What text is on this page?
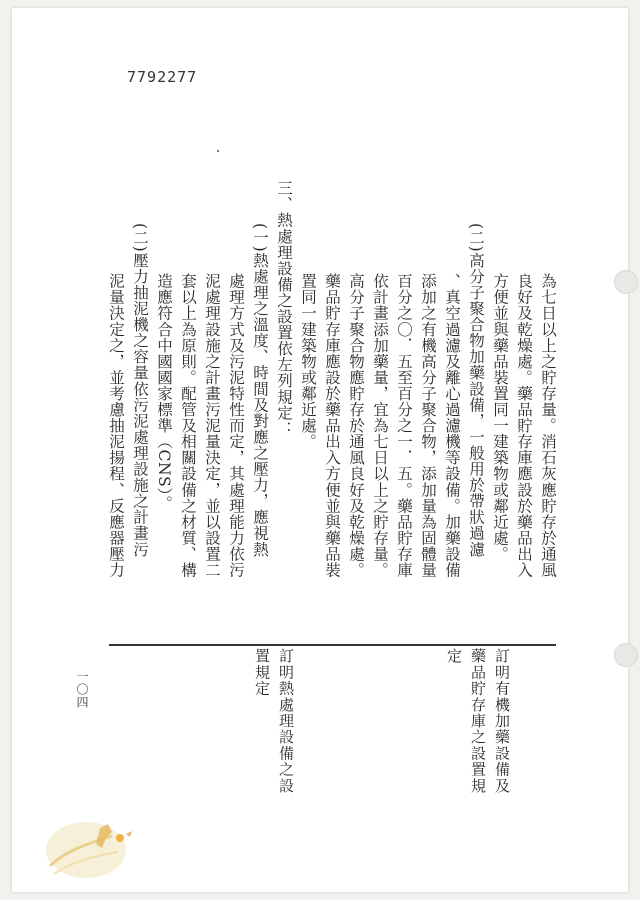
7792277
為七日以上之貯存量。消石灰應貯存於通風
良好及乾燥處。藥品貯存庫應設於藥品出入
方便並與藥品裝置同一建築物或鄰近處。
(二)高分子聚合物加藥設備，一般用於帶狀過濾
、真空過濾及離心過濾機等設備。加藥設備
添加之有機高分子聚合物，添加量為固體量
百分之〇．五至百分之一．五。藥品貯存庫
依計畫添加藥量，宜為七日以上之貯存量。
高分子聚合物應貯存於通風良好及乾燥處。
藥品貯存庫應設於藥品出入方便並與藥品裝
置同一建築物或鄰近處。
三、熱處理設備之設置依左列規定：
(一)熱處理之溫度、時間及對應之壓力，應視熱
處理方式及污泥特性而定，其處理能力依污
泥處理設施之計畫污泥量決定，並以設置二
套以上為原則。配管及相關設備之材質、構
造應符合中國國家標準（CNS）。
(二)壓力抽泥機之容量依污泥處理設施之計畫污
泥量決定之，並考慮抽泥揚程、反應器壓力
訂明有機加藥設備及
藥品貯存庫之設置規
定
訂明熱處理設備之設
置規定
一〇四
